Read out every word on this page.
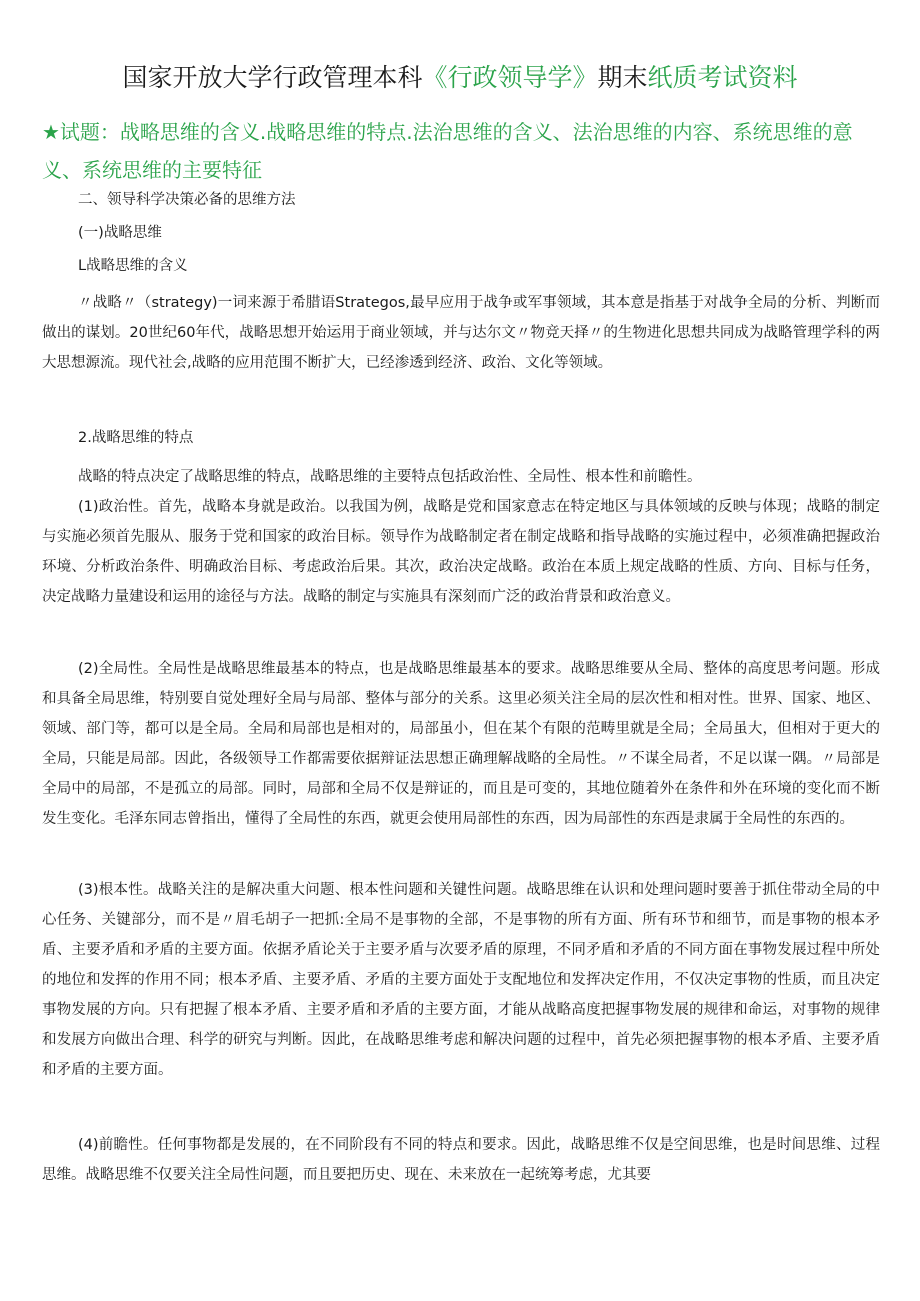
国家开放大学行政管理本科《行政领导学》期末纸质考试资料
★试题：战略思维的含义.战略思维的特点.法治思维的含义、法治思维的内容、系统思维的意义、系统思维的主要特征
二、领导科学决策必备的思维方法
(一)战略思维
L战略思维的含义

〃战略〃（strategy)一词来源于希腊语Strategos,最早应用于战争或军事领域，其本意是指基于对战争全局的分析、判断而做出的谋划。20世纪60年代，战略思想开始运用于商业领域，并与达尔文〃物竞天择〃的生物进化思想共同成为战略管理学科的两大思想源流。现代社会,战略的应用范围不断扩大，已经渗透到经济、政治、文化等领域。

2.战略思维的特点

战略的特点决定了战略思维的特点，战略思维的主要特点包括政治性、全局性、根本性和前瞻性。

(1)政治性。首先，战略本身就是政治。以我国为例，战略是党和国家意志在特定地区与具体领域的反映与体现；战略的制定与实施必须首先服从、服务于党和国家的政治目标。领导作为战略制定者在制定战略和指导战略的实施过程中，必须准确把握政治环境、分析政治条件、明确政治目标、考虑政治后果。其次，政治决定战略。政治在本质上规定战略的性质、方向、目标与任务，决定战略力量建设和运用的途径与方法。战略的制定与实施具有深刻而广泛的政治背景和政治意义。

(2)全局性。全局性是战略思维最基本的特点，也是战略思维最基本的要求。战略思维要从全局、整体的高度思考问题。形成和具备全局思维，特别要自觉处理好全局与局部、整体与部分的关系。这里必须关注全局的层次性和相对性。世界、国家、地区、领域、部门等，都可以是全局。全局和局部也是相对的，局部虽小，但在某个有限的范畴里就是全局；全局虽大，但相对于更大的全局，只能是局部。因此，各级领导工作都需要依据辩证法思想正确理解战略的全局性。〃不谋全局者，不足以谋一隅。〃局部是全局中的局部，不是孤立的局部。同时，局部和全局不仅是辩证的，而且是可变的，其地位随着外在条件和外在环境的变化而不断发生变化。毛泽东同志曾指出，懂得了全局性的东西，就更会使用局部性的东西，因为局部性的东西是隶属于全局性的东西的。

(3)根本性。战略关注的是解决重大问题、根本性问题和关键性问题。战略思维在认识和处理问题时要善于抓住带动全局的中心任务、关键部分，而不是〃眉毛胡子一把抓:全局不是事物的全部，不是事物的所有方面、所有环节和细节，而是事物的根本矛盾、主要矛盾和矛盾的主要方面。依据矛盾论关于主要矛盾与次要矛盾的原理，不同矛盾和矛盾的不同方面在事物发展过程中所处的地位和发挥的作用不同；根本矛盾、主要矛盾、矛盾的主要方面处于支配地位和发挥决定作用，不仅决定事物的性质，而且决定事物发展的方向。只有把握了根本矛盾、主要矛盾和矛盾的主要方面，才能从战略高度把握事物发展的规律和命运，对事物的规律和发展方向做出合理、科学的研究与判断。因此，在战略思维考虑和解决问题的过程中，首先必须把握事物的根本矛盾、主要矛盾和矛盾的主要方面。

(4)前瞻性。任何事物都是发展的，在不同阶段有不同的特点和要求。因此，战略思维不仅是空间思维，也是时间思维、过程思维。战略思维不仅要关注全局性问题，而且要把历史、现在、未来放在一起统筹考虑，尤其要
